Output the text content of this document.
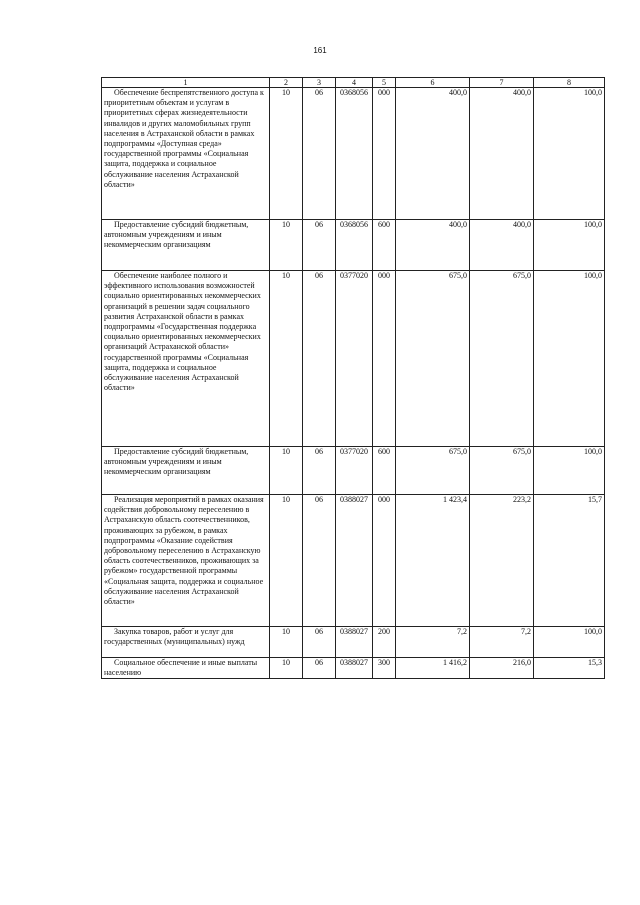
161
1	2	3	4	5	6	7	8
Обеспечение беспрепятственного доступа к приоритетным объектам и услугам в приоритетных сферах жизнедеятельности инвалидов и других маломобильных групп населения в Астраханской области в рамках подпрограммы «Доступная среда» государственной программы «Социальная защита, поддержка и социальное обслуживание населения Астраханской области»	10	06	0368056	000	400,0	400,0	100,0
Предоставление субсидий бюджетным, автономным учреждениям и иным некоммерческим организациям	10	06	0368056	600	400,0	400,0	100,0
Обеспечение наиболее полного и эффективного использования возможностей социально ориентированных некоммерческих организаций в решении задач социального развития Астраханской области в рамках подпрограммы «Государственная поддержка социально ориентированных некоммерческих организаций Астраханской области» государственной программы «Социальная защита, поддержка и социальное обслуживание населения Астраханской области»	10	06	0377020	000	675,0	675,0	100,0
Предоставление субсидий бюджетным, автономным учреждениям и иным некоммерческим организациям	10	06	0377020	600	675,0	675,0	100,0
Реализация мероприятий в рамках оказания содействия добровольному переселению в Астраханскую область соотечественников, проживающих за рубежом, в рамках подпрограммы «Оказание содействия добровольному переселению в Астраханскую область соотечественников, проживающих за рубежом» государственной программы «Социальная защита, поддержка и социальное обслуживание населения Астраханской области»	10	06	0388027	000	1 423,4	223,2	15,7
Закупка товаров, работ и услуг для государственных (муниципальных) нужд	10	06	0388027	200	7,2	7,2	100,0
Социальное обеспечение и иные выплаты населению	10	06	0388027	300	1 416,2	216,0	15,3
